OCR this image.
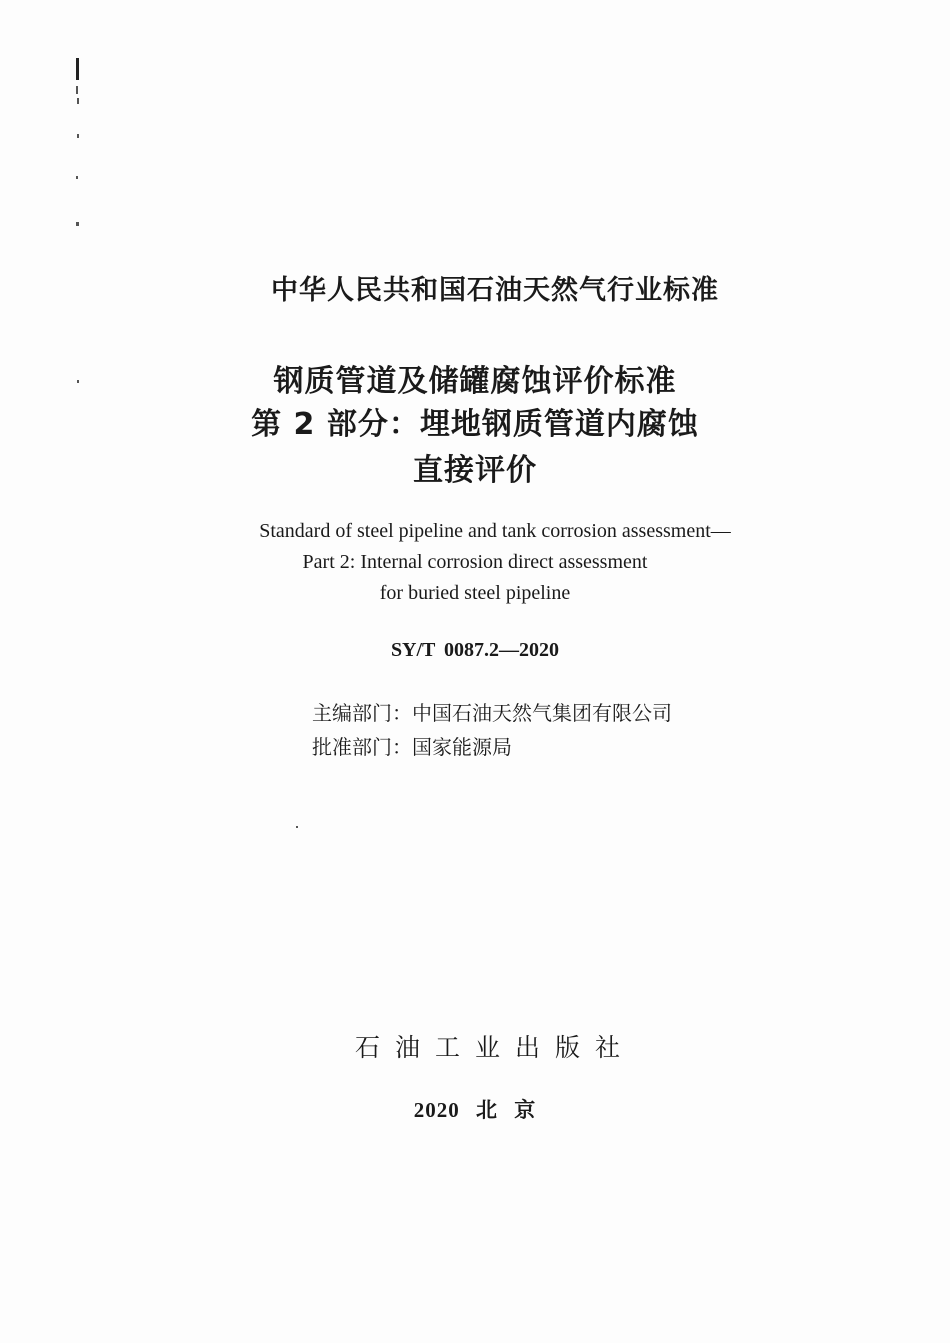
中华人民共和国石油天然气行业标准
钢质管道及储罐腐蚀评价标准
第 2 部分：埋地钢质管道内腐蚀
直接评价
Standard of steel pipeline and tank corrosion assessment—
Part 2: Internal corrosion direct assessment
for buried steel pipeline
SY/T 0087.2—2020
主编部门：中国石油天然气集团有限公司
批准部门：国家能源局
石油工业出版社
2020 北 京
